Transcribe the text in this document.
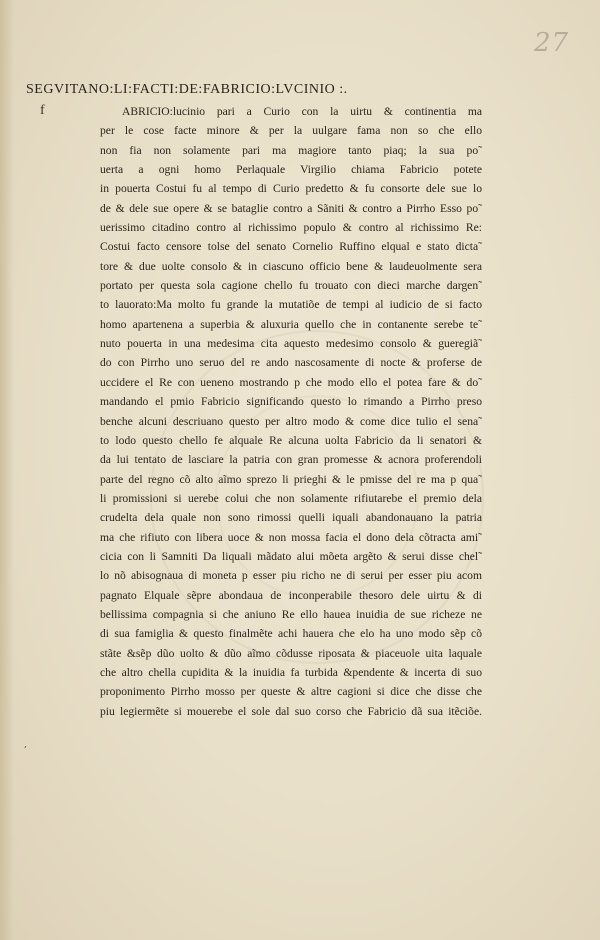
27
SEGVITANO:LI:FACTI:DE:FABRICIO:LVCINIO :.
f	ABRICIO:lucinio pari a Curio con la uirtu & continentia ma
per le cose facte minore & per la uulgare fama non so che ello
non fia non solamente pari ma magiore tanto piaq; la sua po˜
uerta a ogni homo Perlaquale Virgilio chiama Fabricio potete
in pouerta Costui fu al tempo di Curio predetto & fu consorte dele sue lo
de & dele sue opere & se bataglie contro a Sãniti & contro a Pirrho Esso po˜
uerissimo citadino contro al richissimo populo & contro al richissimo Re:
Costui facto censore tolse del senato Cornelio Ruffino elqual e stato dicta˜
tore & due uolte consolo & in ciascuno officio bene & laudeuolmente sera
portato per questa sola cagione chello fu trouato con dieci marche dargen˜
to lauorato:Ma molto fu grande la mutatiõe de tempi al iudicio de si facto
homo apartenena a superbia & aluxuria quello che in contanente serebe te˜
nuto pouerta in una medesima cita aquesto medesimo consolo & gueregiã˜
do con Pirrho uno seruo del re ando nascosamente di nocte & proferse de
uccidere el Re con ueneno mostrando p che modo ello el potea fare & do˜
mandando el pmio Fabricio significando questo lo rimando a Pirrho preso
benche alcuni descriuano questo per altro modo & come dice tulio el sena˜
to lodo questo chello fe alquale Re alcuna uolta Fabricio da li senatori &
da lui tentato de lasciare la patria con gran promesse & acnora proferendoli
parte del regno cõ alto aĩmo sprezo li prieghi & le pmisse del re ma p qua˜
li promissioni si uerebe colui che non solamente rifiutarebe el premio dela
crudelta dela quale non sono rimossi quelli iquali abandonauano la patria
ma che rifiuto con libera uoce & non mossa facia el dono dela cõtracta ami˜
cicia con li Samniti Da liquali mãdato alui mõeta argẽto & serui disse chel˜
lo nõ abisognaua di moneta p esser piu richo ne di serui per esser piu acom
pagnato Elquale sẽpre abondaua de inconperabile thesoro dele uirtu & di
bellissima compagnia si che aniuno Re ello hauea inuidia de sue richeze ne
di sua famiglia & questo finalmẽte achi hauera che elo ha uno modo sẽp cõ
stãte &sẽp dũo uolto & dũo aĩmo cõdusse riposata & piaceuole uita laquale
che altro chella cupidita & la inuidia fa turbida &pendente & incerta di suo
proponimento Pirrho mosso per queste & altre cagioni si dice che disse che
piu legiermẽte si mouerebe el sole dal suo corso che Fabricio dã sua itẽciõe.
,
